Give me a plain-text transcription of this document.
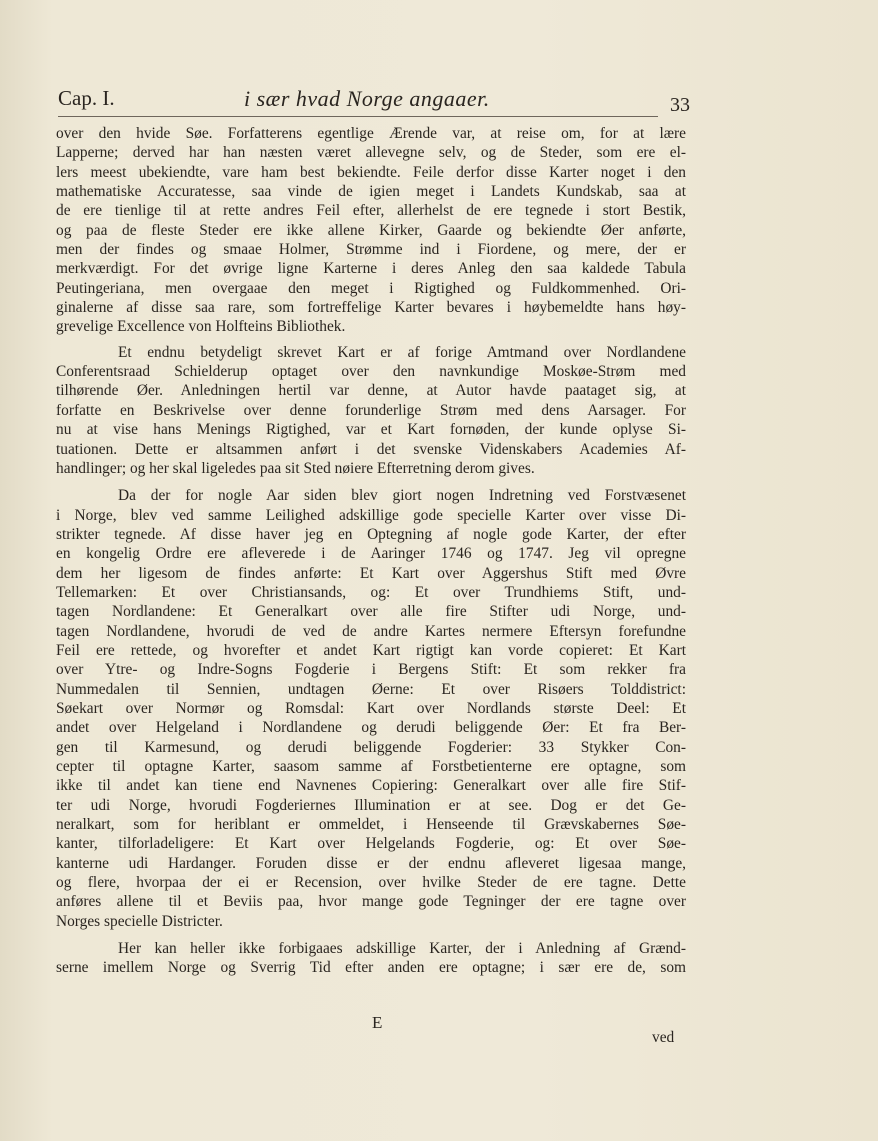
Cap. I.	i sær hvad Norge angaaer.	33

over den hvide Søe. Forfatterens egentlige Ærende var, at reise om, for at lære
Lapperne; derved har han næsten været allevegne selv, og de Steder, som ere el-
lers meest ubekiendte, vare ham best bekiendte. Feile derfor disse Karter noget i den
mathematiske Accuratesse, saa vinde de igien meget i Landets Kundskab, saa at
de ere tienlige til at rette andres Feil efter, allerhelst de ere tegnede i stort Bestik,
og paa de fleste Steder ere ikke allene Kirker, Gaarde og bekiendte Øer anførte,
men der findes og smaae Holmer, Strømme ind i Fiordene, og mere, der er
merkværdigt. For det øvrige ligne Karterne i deres Anleg den saa kaldede Tabula
Peutingeriana, men overgaae den meget i Rigtighed og Fuldkommenhed. Ori-
ginalerne af disse saa rare, som fortreffelige Karter bevares i høybemeldte hans høy-
grevelige Excellence von Holfteins Bibliothek.

Et endnu betydeligt skrevet Kart er af forige Amtmand over Nordlandene
Conferentsraad Schielderup optaget over den navnkundige Moskøe-Strøm med
tilhørende Øer. Anledningen hertil var denne, at Autor havde paataget sig, at
forfatte en Beskrivelse over denne forunderlige Strøm med dens Aarsager. For
nu at vise hans Menings Rigtighed, var et Kart fornøden, der kunde oplyse Si-
tuationen. Dette er altsammen anført i det svenske Videnskabers Academies Af-
handlinger; og her skal ligeledes paa sit Sted nøiere Efterretning derom gives.

Da der for nogle Aar siden blev giort nogen Indretning ved Forstvæsenet
i Norge, blev ved samme Leilighed adskillige gode specielle Karter over visse Di-
strikter tegnede. Af disse haver jeg en Optegning af nogle gode Karter, der efter
en kongelig Ordre ere afleverede i de Aaringer 1746 og 1747. Jeg vil opregne
dem her ligesom de findes anførte: Et Kart over Aggershus Stift med Øvre
Tellemarken: Et over Christiansands, og: Et over Trundhiems Stift, und-
tagen Nordlandene: Et Generalkart over alle fire Stifter udi Norge, und-
tagen Nordlandene, hvorudi de ved de andre Kartes nermere Eftersyn forefundne
Feil ere rettede, og hvorefter et andet Kart rigtigt kan vorde copieret: Et Kart
over Ytre- og Indre-Sogns Fogderie i Bergens Stift: Et som rekker fra
Nummedalen til Sennien, undtagen Øerne: Et over Risøers Tolddistrict:
Søekart over Normør og Romsdal: Kart over Nordlands største Deel: Et
andet over Helgeland i Nordlandene og derudi beliggende Øer: Et fra Ber-
gen til Karmesund, og derudi beliggende Fogderier: 33 Stykker Con-
cepter til optagne Karter, saasom samme af Forstbetienterne ere optagne, som
ikke til andet kan tiene end Navnenes Copiering: Generalkart over alle fire Stif-
ter udi Norge, hvorudi Fogderiernes Illumination er at see. Dog er det Ge-
neralkart, som for heriblant er ommeldet, i Henseende til Grævskabernes Søe-
kanter, tilforladeligere: Et Kart over Helgelands Fogderie, og: Et over Søe-
kanterne udi Hardanger. Foruden disse er der endnu afleveret ligesaa mange,
og flere, hvorpaa der ei er Recension, over hvilke Steder de ere tagne. Dette
anføres allene til et Beviis paa, hvor mange gode Tegninger der ere tagne over
Norges specielle Districter.

Her kan heller ikke forbigaaes adskillige Karter, der i Anledning af Grænd-
serne imellem Norge og Sverrig Tid efter anden ere optagne; i sær ere de, som

E
ved
